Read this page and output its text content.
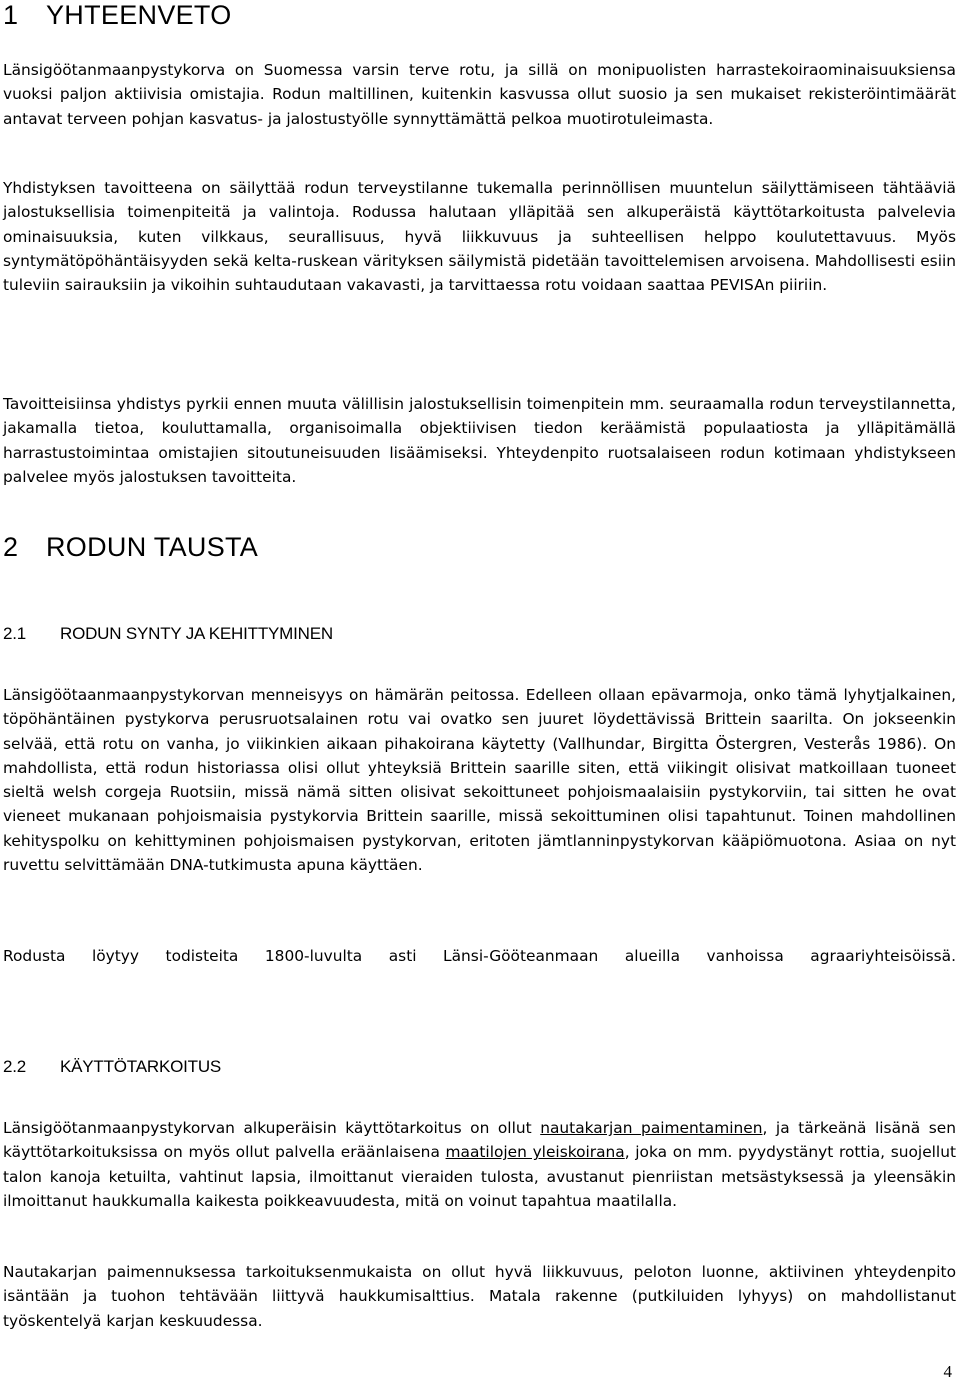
1 YHTEENVETO

Länsigöötanmaanpystykorva on Suomessa varsin terve rotu, ja sillä on monipuolisten harrastekoiraominaisuuksiensa vuoksi paljon aktiivisia omistajia. Rodun maltillinen, kuitenkin kasvussa ollut suosio ja sen mukaiset rekisteröintimäärät antavat terveen pohjan kasvatus- ja jalostustyölle synnyttämättä pelkoa muotirotuleimasta.

Yhdistyksen tavoitteena on säilyttää rodun terveystilanne tukemalla perinnöllisen muuntelun säilyttämiseen tähtääviä jalostuksellisia toimenpiteitä ja valintoja. Rodussa halutaan ylläpitää sen alkuperäistä käyttötarkoitusta palvelevia ominaisuuksia, kuten vilkkaus, seurallisuus, hyvä liikkuvuus ja suhteellisen helppo koulutettavuus. Myös syntymätöpöhäntäisyyden sekä kelta-ruskean värityksen säilymistä pidetään tavoittelemisen arvoisena. Mahdollisesti esiin tuleviin sairauksiin ja vikoihin suhtaudutaan vakavasti, ja tarvittaessa rotu voidaan saattaa PEVISAn piiriin.

Tavoitteisiinsa yhdistys pyrkii ennen muuta välillisin jalostuksellisin toimenpitein mm. seuraamalla rodun terveystilannetta, jakamalla tietoa, kouluttamalla, organisoimalla objektiivisen tiedon keräämistä populaatiosta ja ylläpitämällä harrastustoimintaa omistajien sitoutuneisuuden lisäämiseksi. Yhteydenpito ruotsalaiseen rodun kotimaan yhdistykseen palvelee myös jalostuksen tavoitteita.

2 RODUN TAUSTA
2.1 RODUN SYNTY JA KEHITTYMINEN

Länsigöötaanmaanpystykorvan menneisyys on hämärän peitossa. Edelleen ollaan epävarmoja, onko tämä lyhytjalkainen, töpöhäntäinen pystykorva perusruotsalainen rotu vai ovatko sen juuret löydettävissä Brittein saarilta. On jokseenkin selvää, että rotu on vanha, jo viikinkien aikaan pihakoirana käytetty (Vallhundar, Birgitta Östergren, Vesterås 1986). On mahdollista, että rodun historiassa olisi ollut yhteyksiä Brittein saarille siten, että viikingit olisivat matkoillaan tuoneet sieltä welsh corgeja Ruotsiin, missä nämä sitten olisivat sekoittuneet pohjoismaalaisiin pystykorviin, tai sitten he ovat vieneet mukanaan pohjoismaisia pystykorvia Brittein saarille, missä sekoittuminen olisi tapahtunut. Toinen mahdollinen kehityspolku on kehittyminen pohjoismaisen pystykorvan, eritoten jämtlanninpystykorvan kääpiömuotona. Asiaa on nyt ruvettu selvittämään DNA-tutkimusta apuna käyttäen.

Rodusta löytyy todisteita 1800-luvulta asti Länsi-Gööteanmaan alueilla vanhoissa agraariyhteisöissä.

2.2 KÄYTTÖTARKOITUS

Länsigöötanmaanpystykorvan alkuperäisin käyttötarkoitus on ollut nautakarjan paimentaminen, ja tärkeänä lisänä sen käyttötarkoituksissa on myös ollut palvella eräänlaisena maatilojen yleiskoirana, joka on mm. pyydystänyt rottia, suojellut talon kanoja ketuilta, vahtinut lapsia, ilmoittanut vieraiden tulosta, avustanut pienriistan metsästyksessä ja yleensäkin ilmoittanut haukkumalla kaikesta poikkeavuudesta, mitä on voinut tapahtua maatilalla.

Nautakarjan paimennuksessa tarkoituksenmukaista on ollut hyvä liikkuvuus, peloton luonne, aktiivinen yhteydenpito isäntään ja tuohon tehtävään liittyvä haukkumisalttius. Matala rakenne (putkiluiden lyhyys) on mahdollistanut työskentelyä karjan keskuudessa.

4
